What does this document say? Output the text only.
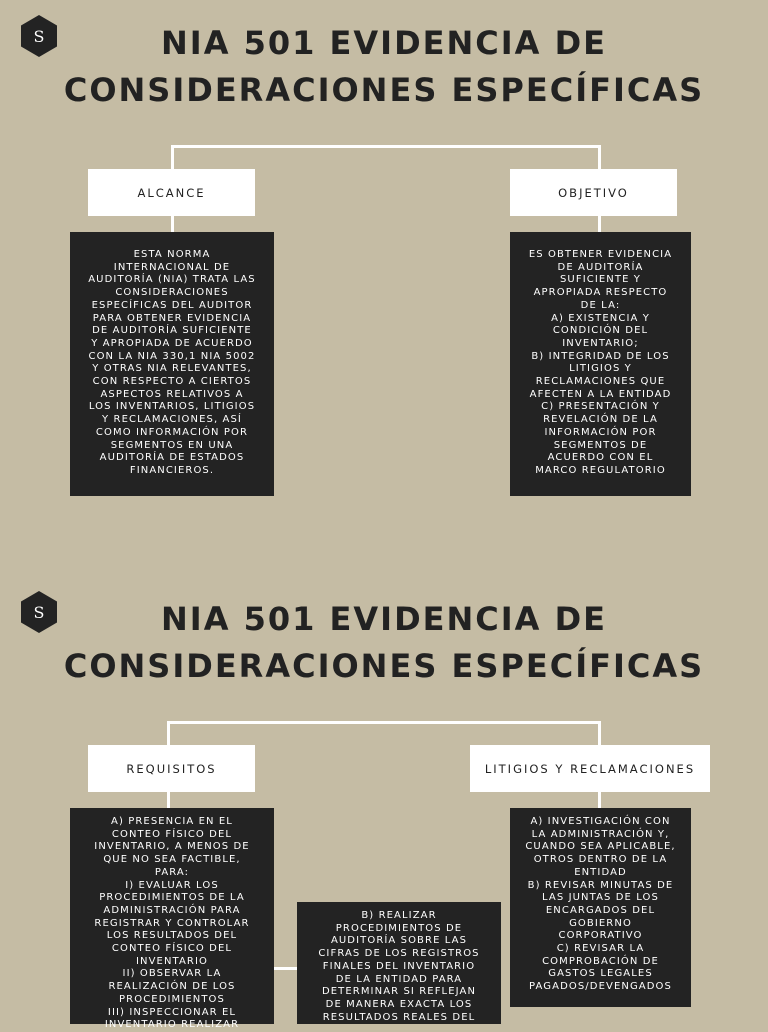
S	NIA 501 EVIDENCIA DE
CONSIDERACIONES ESPECÍFICAS
ALCANCE	OBJETIVO
ESTA NORMA
INTERNACIONAL DE
AUDITORÍA (NIA) TRATA LAS
CONSIDERACIONES
ESPECÍFICAS DEL AUDITOR
PARA OBTENER EVIDENCIA
DE AUDITORÍA SUFICIENTE
Y APROPIADA DE ACUERDO
CON LA NIA 330,1 NIA 5002
Y OTRAS NIA RELEVANTES,
CON RESPECTO A CIERTOS
ASPECTOS RELATIVOS A
LOS INVENTARIOS, LITIGIOS
Y RECLAMACIONES, ASÍ
COMO INFORMACIÓN POR
SEGMENTOS EN UNA
AUDITORÍA DE ESTADOS
FINANCIEROS.
ES OBTENER EVIDENCIA
DE AUDITORÍA
SUFICIENTE Y
APROPIADA RESPECTO
DE LA:
A) EXISTENCIA Y
CONDICIÓN DEL
INVENTARIO;
B) INTEGRIDAD DE LOS
LITIGIOS Y
RECLAMACIONES QUE
AFECTEN A LA ENTIDAD
C) PRESENTACIÓN Y
REVELACIÓN DE LA
INFORMACIÓN POR
SEGMENTOS DE
ACUERDO CON EL
MARCO REGULATORIO
S	NIA 501 EVIDENCIA DE
CONSIDERACIONES ESPECÍFICAS
REQUISITOS	LITIGIOS Y RECLAMACIONES
A) PRESENCIA EN EL
CONTEO FÍSICO DEL
INVENTARIO, A MENOS DE
QUE NO SEA FACTIBLE,
PARA:
I) EVALUAR LOS
PROCEDIMIENTOS DE LA
ADMINISTRACIÓN PARA
REGISTRAR Y CONTROLAR
LOS RESULTADOS DEL
CONTEO FÍSICO DEL
INVENTARIO
II) OBSERVAR LA
REALIZACIÓN DE LOS
PROCEDIMIENTOS
III) INSPECCIONAR EL
INVENTARIO REALIZAR
B) REALIZAR
PROCEDIMIENTOS DE
AUDITORÍA SOBRE LAS
CIFRAS DE LOS REGISTROS
FINALES DEL INVENTARIO
DE LA ENTIDAD PARA
DETERMINAR SI REFLEJAN
DE MANERA EXACTA LOS
RESULTADOS REALES DEL
A) INVESTIGACIÓN CON
LA ADMINISTRACIÓN Y,
CUANDO SEA APLICABLE,
OTROS DENTRO DE LA
ENTIDAD
B) REVISAR MINUTAS DE
LAS JUNTAS DE LOS
ENCARGADOS DEL
GOBIERNO
CORPORATIVO
C) REVISAR LA
COMPROBACIÓN DE
GASTOS LEGALES
PAGADOS/DEVENGADOS
